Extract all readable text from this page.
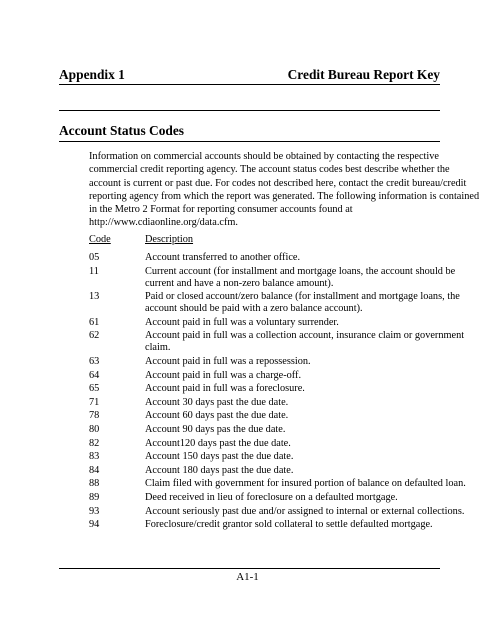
Appendix 1	Credit Bureau Report Key
Account Status Codes
Information on commercial accounts should be obtained by contacting the respective
commercial credit reporting agency. The account status codes best describe whether the
account is current or past due. For codes not described here, contact the credit bureau/credit
reporting agency from which the report was generated. The following information is contained
in the Metro 2 Format for reporting consumer accounts found at
http://www.cdiaonline.org/data.cfm.
Code	Description
05	Account transferred to another office.
11	Current account (for installment and mortgage loans, the account should be
current and have a non-zero balance amount).
13	Paid or closed account/zero balance (for installment and mortgage loans, the
account should be paid with a zero balance account).
61	Account paid in full was a voluntary surrender.
62	Account paid in full was a collection account, insurance claim or government
claim.
63	Account paid in full was a repossession.
64	Account paid in full was a charge-off.
65	Account paid in full was a foreclosure.
71	Account 30 days past the due date.
78	Account 60 days past the due date.
80	Account 90 days pas the due date.
82	Account120 days past the due date.
83	Account 150 days past the due date.
84	Account 180 days past the due date.
88	Claim filed with government for insured portion of balance on defaulted loan.
89	Deed received in lieu of foreclosure on a defaulted mortgage.
93	Account seriously past due and/or assigned to internal or external collections.
94	Foreclosure/credit grantor sold collateral to settle defaulted mortgage.
A1-1
